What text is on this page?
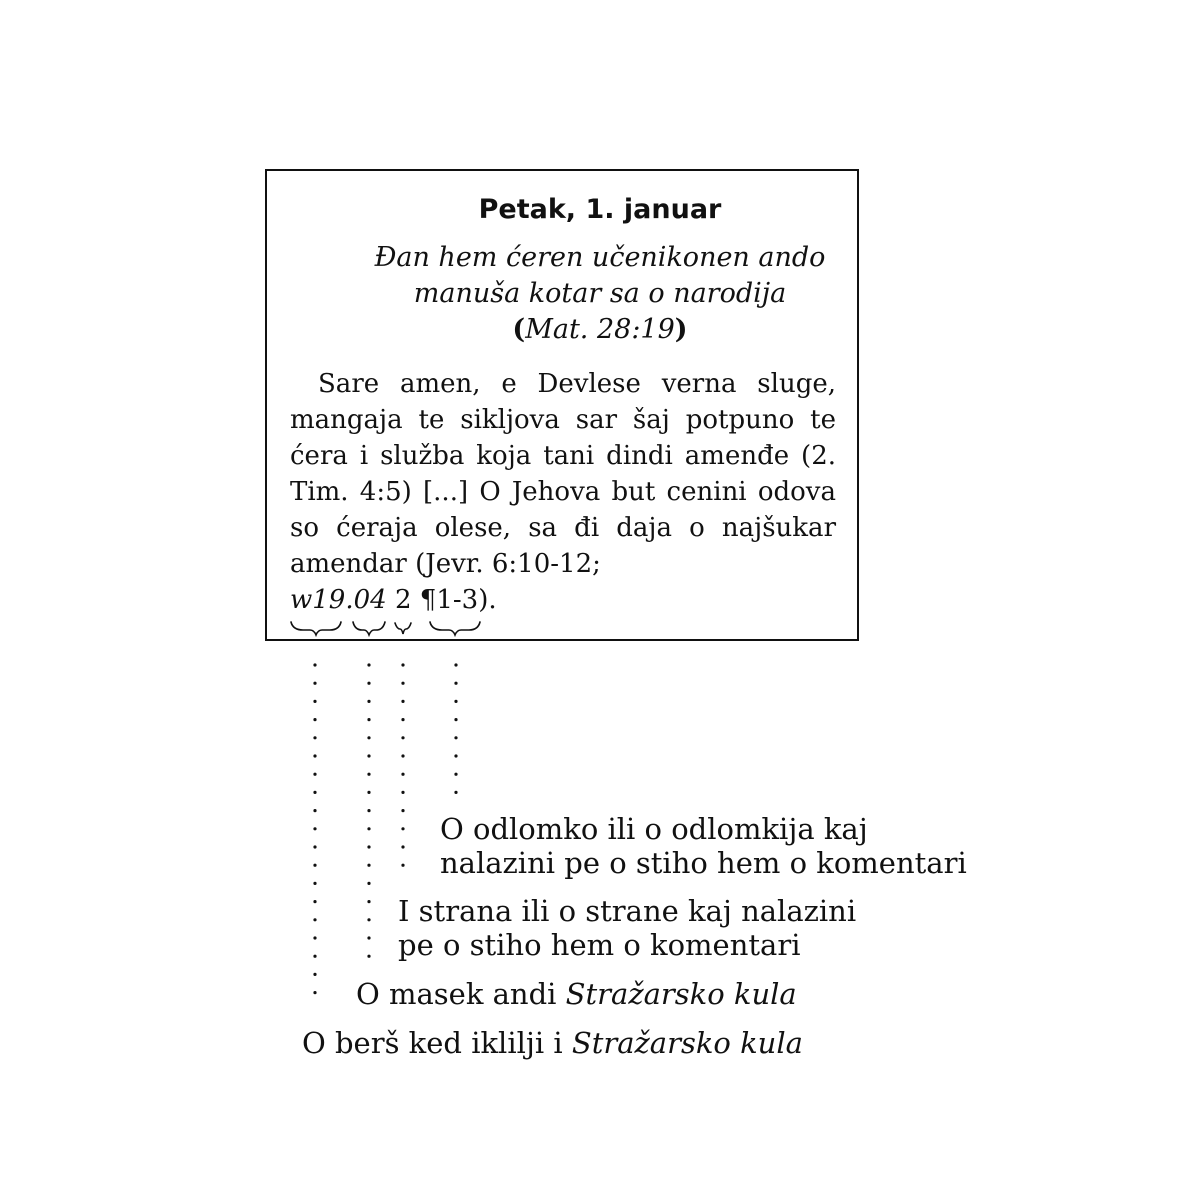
Petak, 1. januar
Đan hem ćeren učenikonen ando
manuša kotar sa o narodija
(Mat. 28:19)
Sare amen, e Devlese verna sluge, mangaja te sikljova sar šaj potpuno te ćera i služba koja tani dindi amenđe (2. Tim. 4:5) [...] O Jehova but cenini odova so ćeraja olese, sa đi daja o najšukar amendar (Jevr. 6:10-12;
w19.04 2 ¶1-3).
O odlomko ili o odlomkija kaj
nalazini pe o stiho hem o komentari
I strana ili o strane kaj nalazini
pe o stiho hem o komentari
O masek andi Stražarsko kula
O berš ked iklilji i Stražarsko kula
